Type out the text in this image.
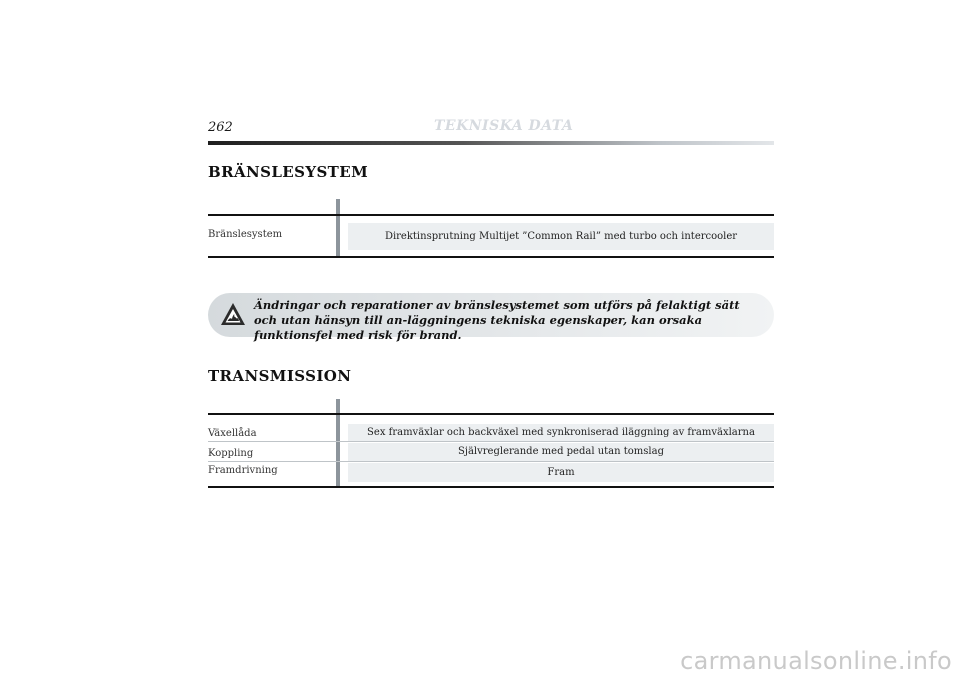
262	TEKNISKA DATA
BRÄNSLESYSTEM
Bränslesystem	Direktinsprutning Multijet ”Common Rail” med turbo och intercooler
Ändringar och reparationer av bränslesystemet som utförs på felaktigt sätt och utan hänsyn till an-läggningens tekniska egenskaper, kan orsaka funktionsfel med risk för brand.
TRANSMISSION
Växellåda	Sex framväxlar och backväxel med synkroniserad iläggning av framväxlarna
Koppling	Självreglerande med pedal utan tomslag
Framdrivning	Fram
carmanualsonline.info
